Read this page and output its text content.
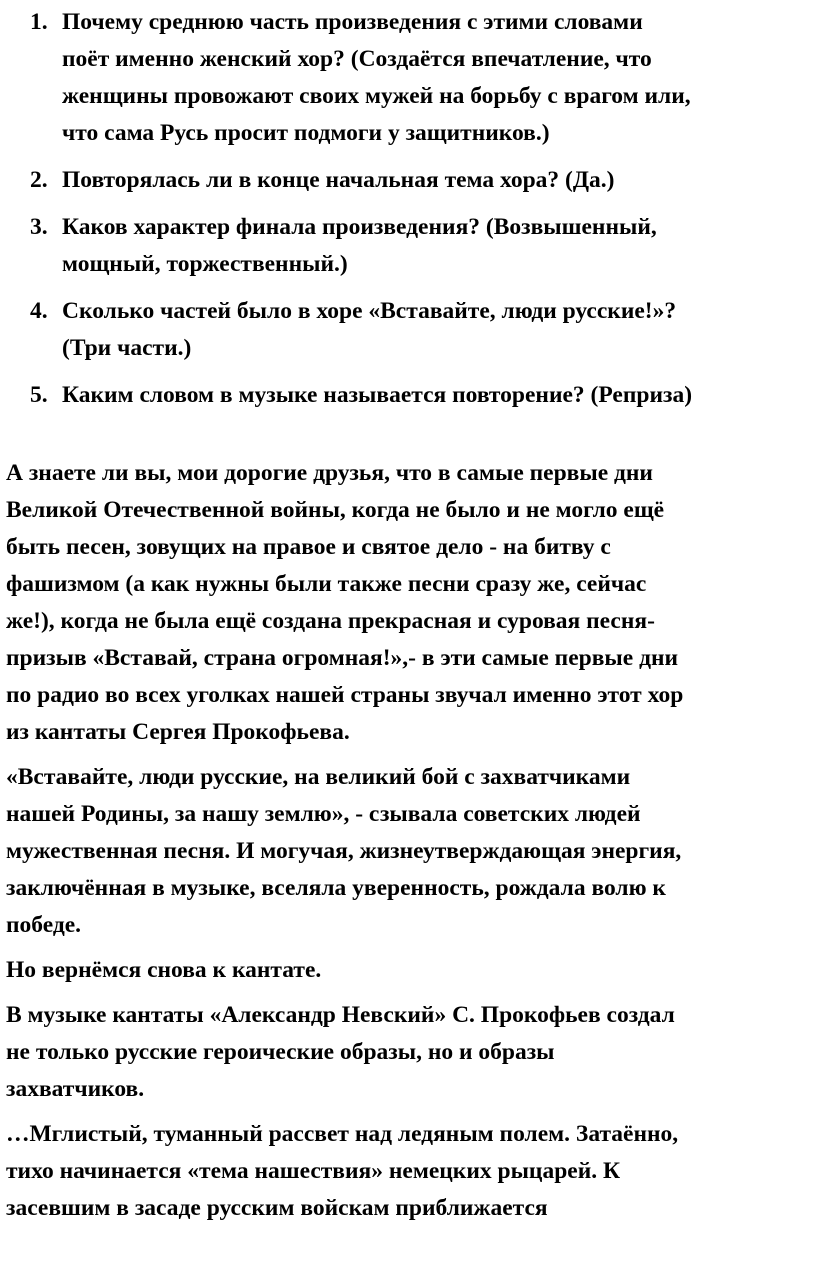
1. Почему среднюю часть произведения с этими словами
поёт именно женский хор? (Создаётся впечатление, что
женщины провожают своих мужей на борьбу с врагом или,
что сама Русь просит подмоги у защитников.)
2. Повторялась ли в конце начальная тема хора? (Да.)
3. Каков характер финала произведения? (Возвышенный,
мощный, торжественный.)
4. Сколько частей было в хоре «Вставайте, люди русские!»?
(Три части.)
5. Каким словом в музыке называется повторение? (Реприза)

А знаете ли вы, мои дорогие друзья, что в самые первые дни
Великой Отечественной войны, когда не было и не могло ещё
быть песен, зовущих на правое и святое дело - на битву с
фашизмом (а как нужны были также песни сразу же, сейчас
же!), когда не была ещё создана прекрасная и суровая песня-
призыв «Вставай, страна огромная!»,- в эти самые первые дни
по радио во всех уголках нашей страны звучал именно этот хор
из кантаты Сергея Прокофьева.

«Вставайте, люди русские, на великий бой с захватчиками
нашей Родины, за нашу землю», - сзывала советских людей
мужественная песня. И могучая, жизнеутверждающая энергия,
заключённая в музыке, вселяла уверенность, рождала волю к
победе.

Но вернёмся снова к кантате.

В музыке кантаты «Александр Невский» С. Прокофьев создал
не только русские героические образы, но и образы
захватчиков.

…Мглистый, туманный рассвет над ледяным полем. Затаённо,
тихо начинается «тема нашествия» немецких рыцарей. К
засевшим в засаде русским войскам приближается
